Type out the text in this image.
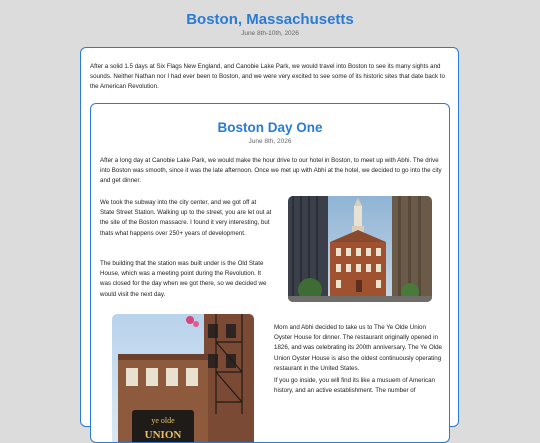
Boston, Massachusetts
June 8th-10th, 2026
After a solid 1.5 days at Six Flags New England, and Canobie Lake Park, we would travel into Boston to see its many sights and sounds. Neither Nathan nor I had ever been to Boston, and we were very excited to see some of its historic sites that date back to the American Revolution.
Boston Day One
June 8th, 2026
After a long day at Canobie Lake Park, we would make the hour drive to our hotel in Boston, to meet up with Abhi. The drive into Boston was smooth, since it was the late afternoon. Once we met up with Abhi at the hotel, we decided to go into the city and get dinner.
We took the subway into the city center, and we got off at State Street Station. Walking up to the street, you are let out at the site of the Boston massacre. I found it very interesting, but thats what happens over 250+ years of development.
The building that the station was built under is the Old State House, which was a meeting point during the Revolution. It was closed for the day when we got there, so we decided we would visit the next day.
ye olde
UNION
Mom and Abhi decided to take us to The Ye Olde Union Oyster House for dinner. The restaurant originally opened in 1826, and was celebrating its 200th anniversary. The Ye Olde Union Oyster House is also the oldest continuously operating restaurant in the United States.
If you go inside, you will find its like a musuem of American history, and an active establishment. The number of
